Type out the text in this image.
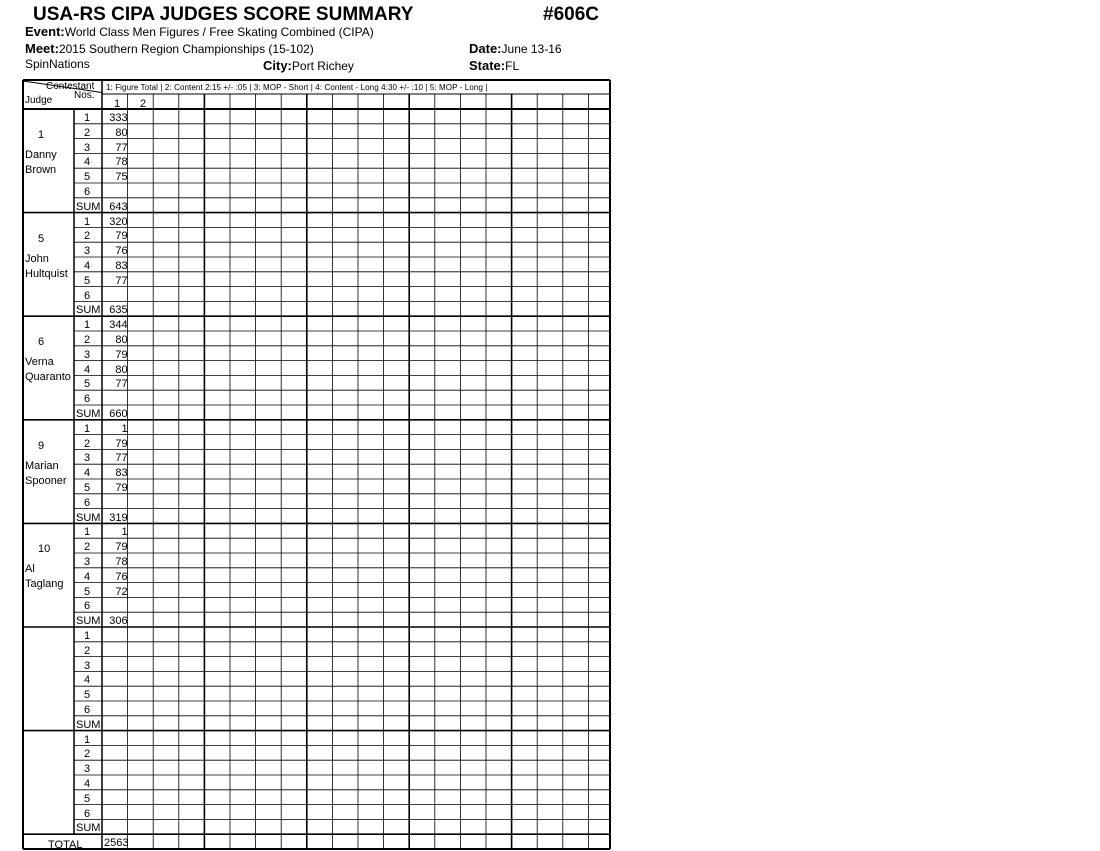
USA-RS CIPA JUDGES SCORE SUMMARY	#606C
Event:World Class Men Figures / Free Skating Combined (CIPA)
Meet:2015 Southern Region Championships (15-102)	Date:June 13-16
SpinNations	City:Port Richey	State:FL
Contestant
Nos.
Judge
1: Figure Total | 2: Content 2:15 +/- :05 | 3: MOP - Short | 4: Content - Long 4:30 +/- :10 | 5: MOP - Long |
1	2
1
Danny
Brown
1	333
2	80
3	77
4	78
5	75
6
SUM 643
5
John
Hultquist
1	320
2	79
3	76
4	83
5	77
6
SUM 635
6
Verna
Quaranto
1	344
2	80
3	79
4	80
5	77
6
SUM 660
9
Marian
Spooner
1	1
2	79
3	77
4	83
5	79
6
SUM 319
10
Al
Taglang
1	1
2	79
3	78
4	76
5	72
6
SUM 306
1
2
3
4
5
6
SUM
1
2
3
4
5
6
SUM
TOTAL 2563
